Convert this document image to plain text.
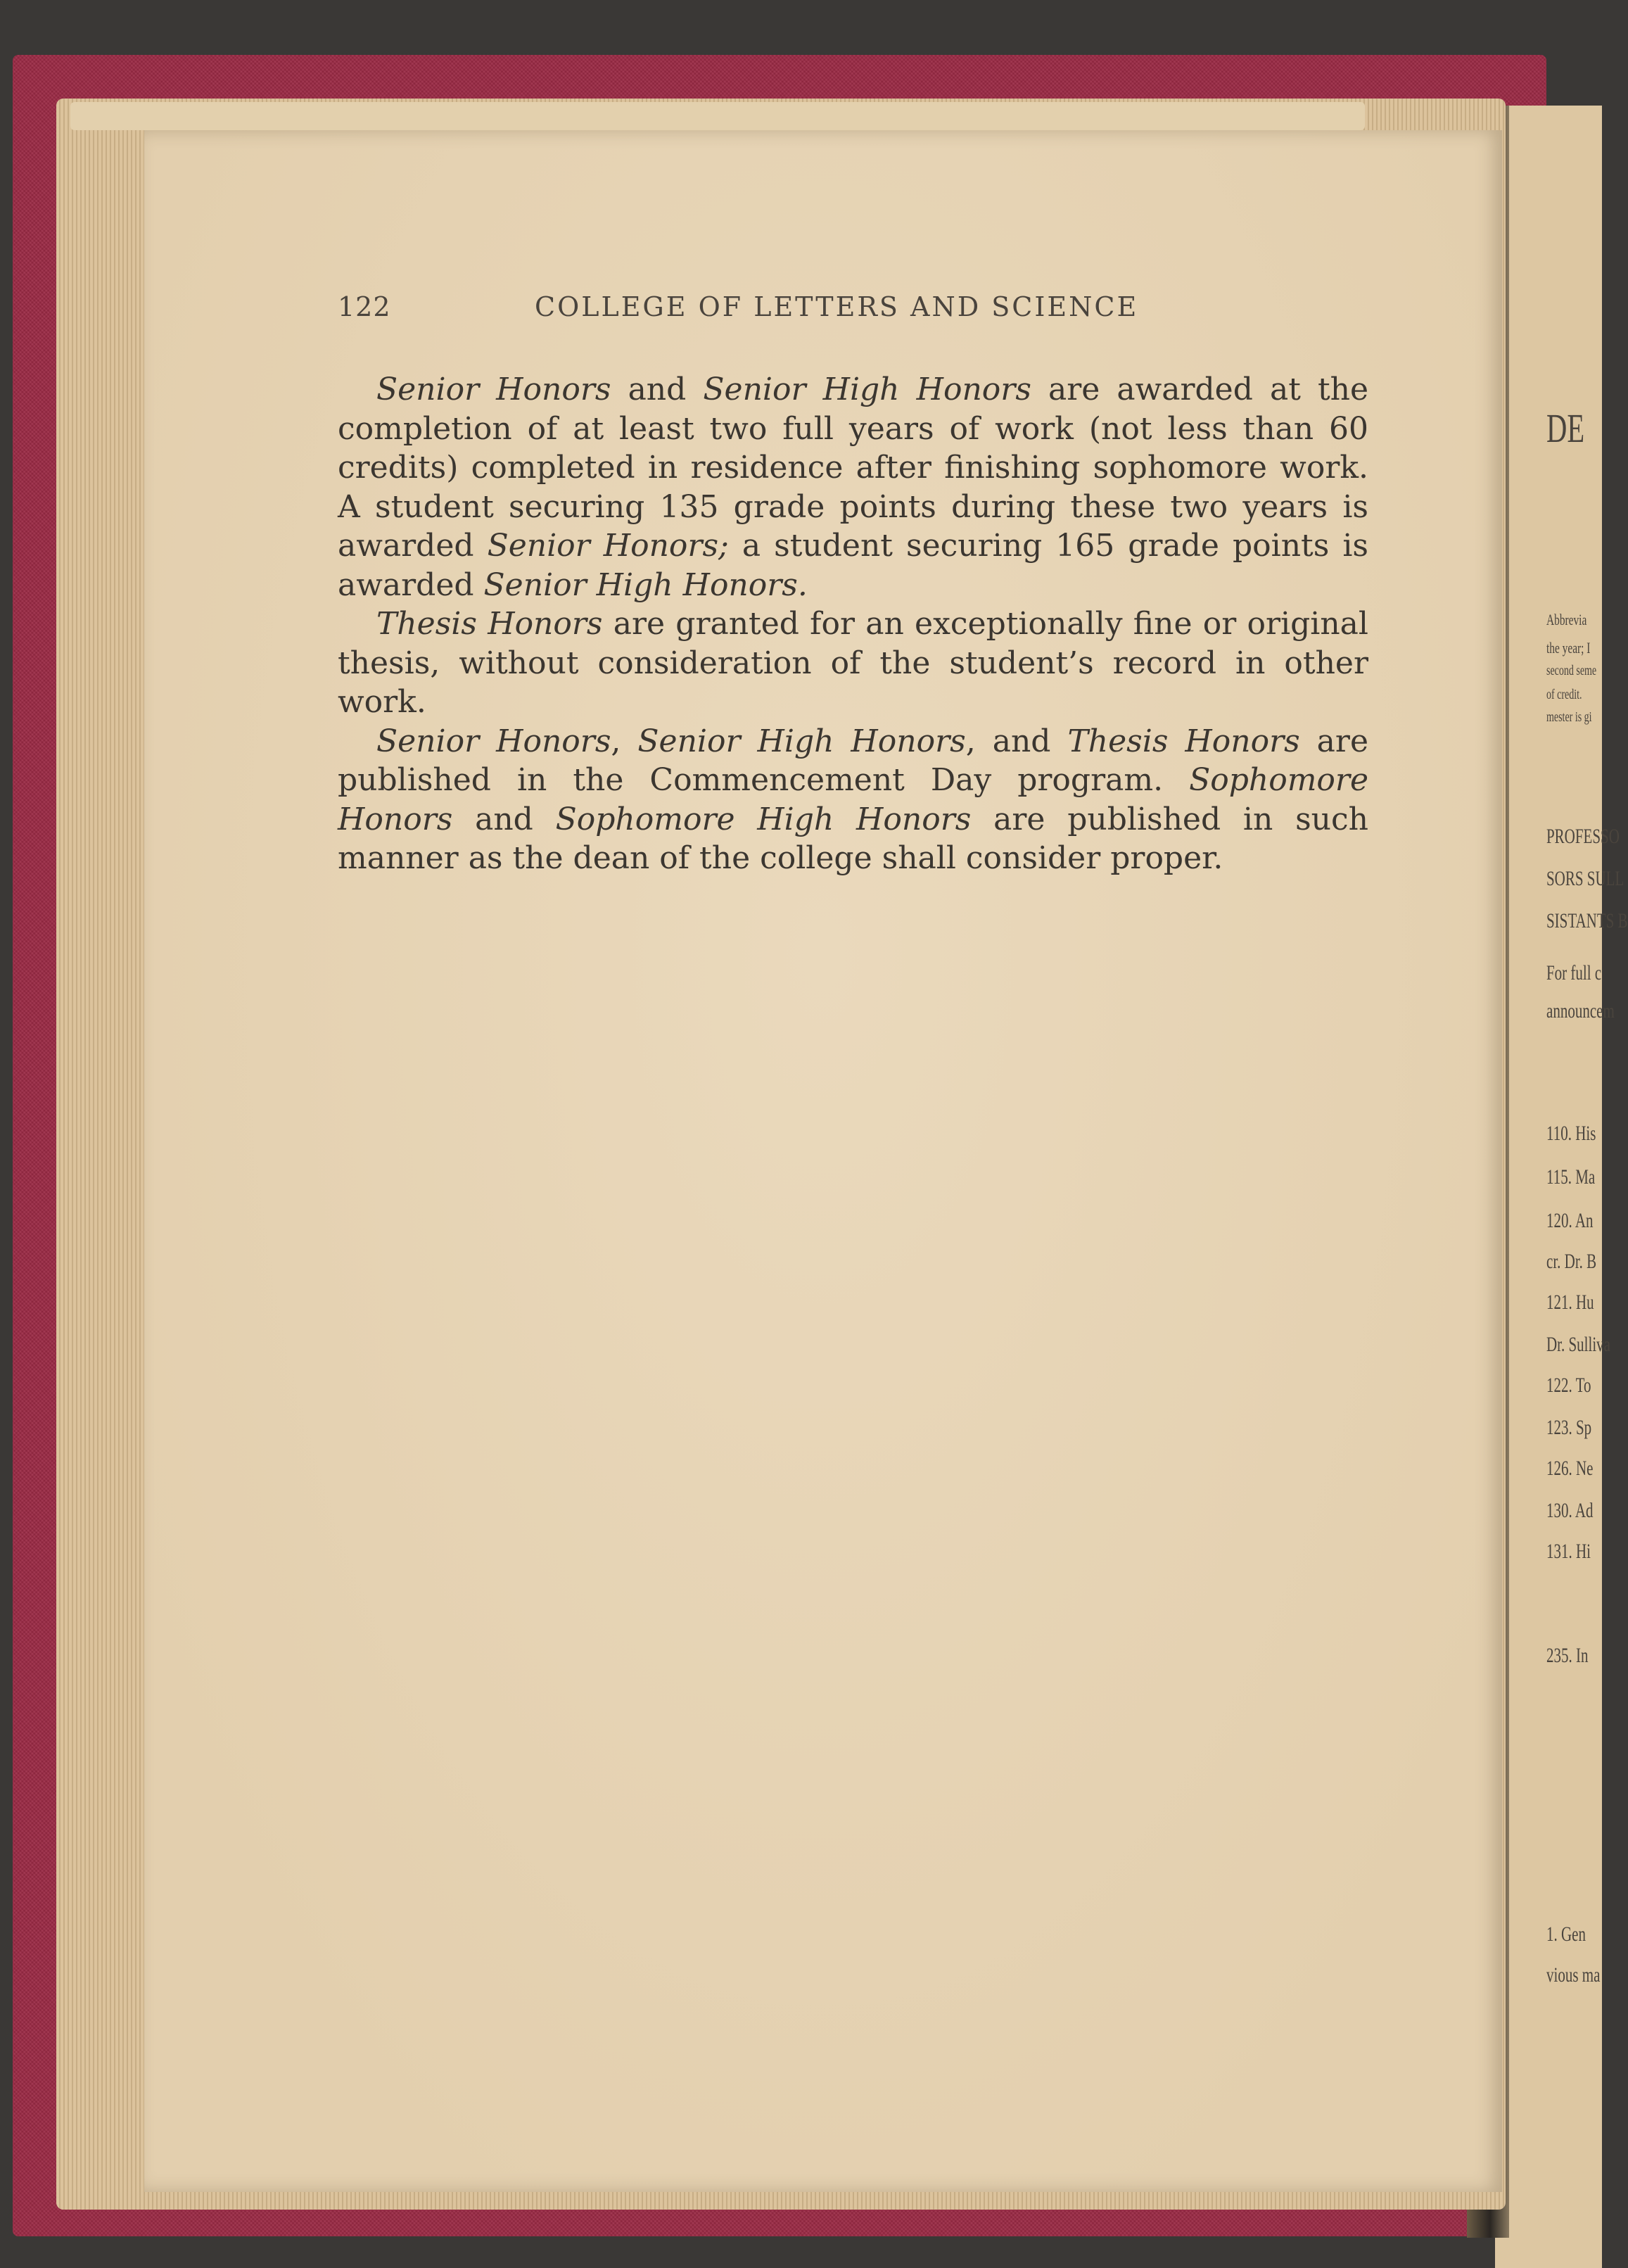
122	COLLEGE OF LETTERS AND SCIENCE

Senior Honors and Senior High Honors are awarded at the completion of at least two full years of work (not less than 60 credits) completed in residence after finishing sophomore work. A student securing 135 grade points during these two years is awarded Senior Honors; a student securing 165 grade points is awarded Senior High Honors.

Thesis Honors are granted for an exceptionally fine or original thesis, without consideration of the student’s record in other work.

Senior Honors, Senior High Honors, and Thesis Honors are published in the Commencement Day program. Sophomore Honors and Sophomore High Honors are published in such manner as the dean of the college shall consider proper.

DE
Abbrevia
the year; I
second seme
of credit.
mester is gi
PROFESSO
SORS SULL
SISTANTS B
For full c
announcem
110. His
115. Ma
120. An
cr. Dr. B
121. Hu
Dr. Sulliva
122. To
123. Sp
126. Ne
130. Ad
131. Hi
235. In
1. Gen
vious ma
